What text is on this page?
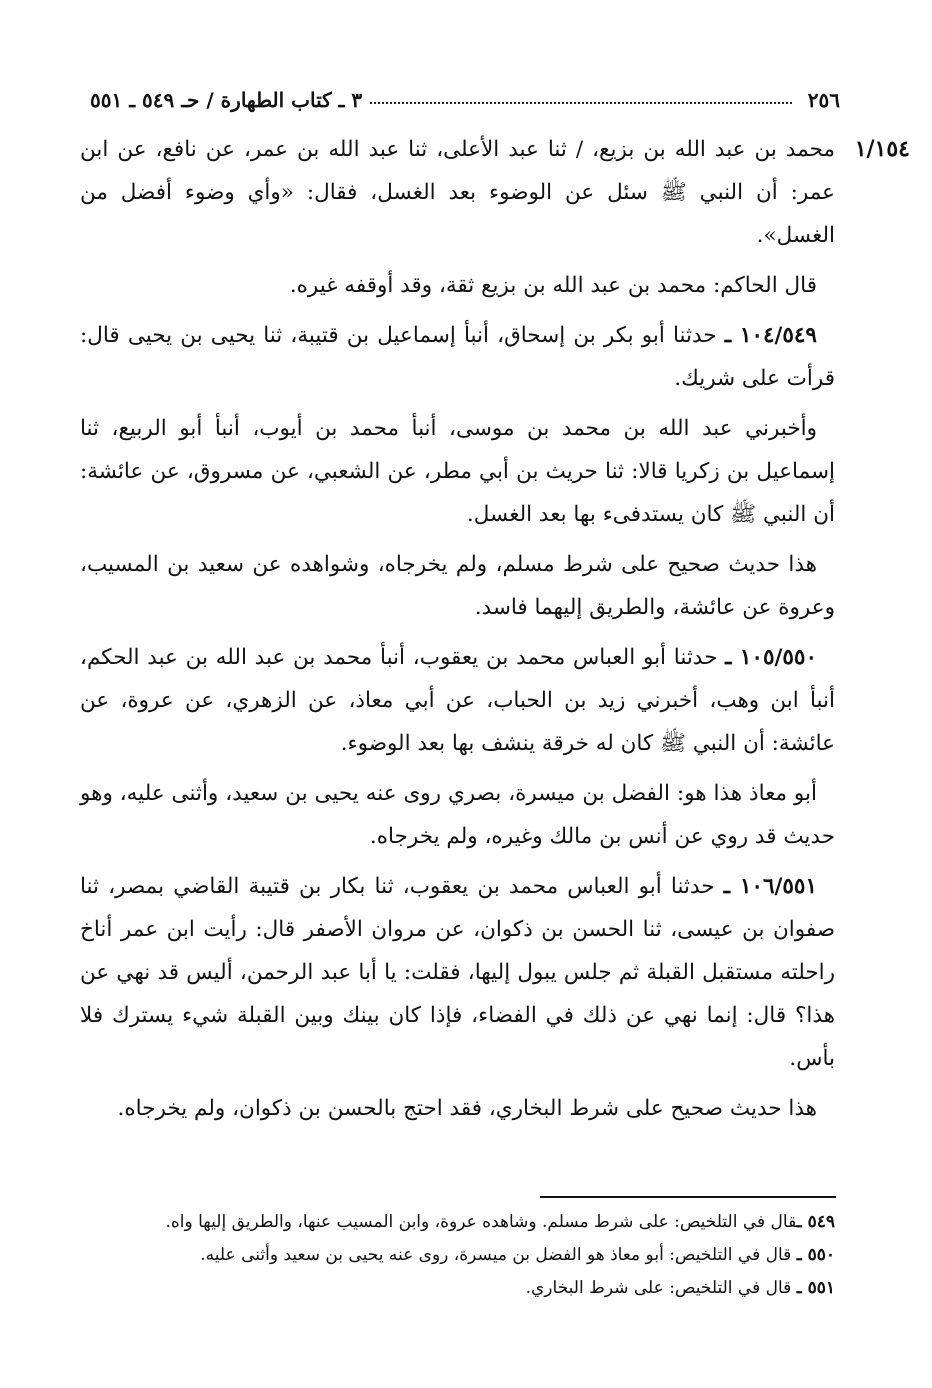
٢٥٦
٣ ـ كتاب الطهارة / حـ ٥٤٩ ـ ٥٥١
١/١٥٤

محمد بن عبد الله بن بزيع، / ثنا عبد الأعلى، ثنا عبد الله بن عمر، عن نافع، عن ابن عمر: أن النبي ﷺ سئل عن الوضوء بعد الغسل، فقال: «وأي وضوء أفضل من الغسل».

قال الحاكم: محمد بن عبد الله بن بزيع ثقة، وقد أوقفه غيره.

١٠٤/٥٤٩ ـ حدثنا أبو بكر بن إسحاق، أنبأ إسماعيل بن قتيبة، ثنا يحيى بن يحيى قال: قرأت على شريك.

وأخبرني عبد الله بن محمد بن موسى، أنبأ محمد بن أيوب، أنبأ أبو الربيع، ثنا إسماعيل بن زكريا قالا: ثنا حريث بن أبي مطر، عن الشعبي، عن مسروق، عن عائشة: أن النبي ﷺ كان يستدفىء بها بعد الغسل.

هذا حديث صحيح على شرط مسلم، ولم يخرجاه، وشواهده عن سعيد بن المسيب، وعروة عن عائشة، والطريق إليهما فاسد.

١٠٥/٥٥٠ ـ حدثنا أبو العباس محمد بن يعقوب، أنبأ محمد بن عبد الله بن عبد الحكم، أنبأ ابن وهب، أخبرني زيد بن الحباب، عن أبي معاذ، عن الزهري، عن عروة، عن عائشة: أن النبي ﷺ كان له خرقة ينشف بها بعد الوضوء.

أبو معاذ هذا هو: الفضل بن ميسرة، بصري روى عنه يحيى بن سعيد، وأثنى عليه، وهو حديث قد روي عن أنس بن مالك وغيره، ولم يخرجاه.

١٠٦/٥٥١ ـ حدثنا أبو العباس محمد بن يعقوب، ثنا بكار بن قتيبة القاضي بمصر، ثنا صفوان بن عيسى، ثنا الحسن بن ذكوان، عن مروان الأصفر قال: رأيت ابن عمر أناخ راحلته مستقبل القبلة ثم جلس يبول إليها، فقلت: يا أبا عبد الرحمن، أليس قد نهي عن هذا؟ قال: إنما نهي عن ذلك في الفضاء، فإذا كان بينك وبين القبلة شيء يسترك فلا بأس.

هذا حديث صحيح على شرط البخاري، فقد احتج بالحسن بن ذكوان، ولم يخرجاه.

٥٤٩ ـقال في التلخيص: على شرط مسلم. وشاهده عروة، وابن المسيب عنها، والطريق إليها واه.
٥٥٠ ـ قال في التلخيص: أبو معاذ هو الفضل بن ميسرة، روى عنه يحيى بن سعيد وأثنى عليه.
٥٥١ ـ قال في التلخيص: على شرط البخاري.
